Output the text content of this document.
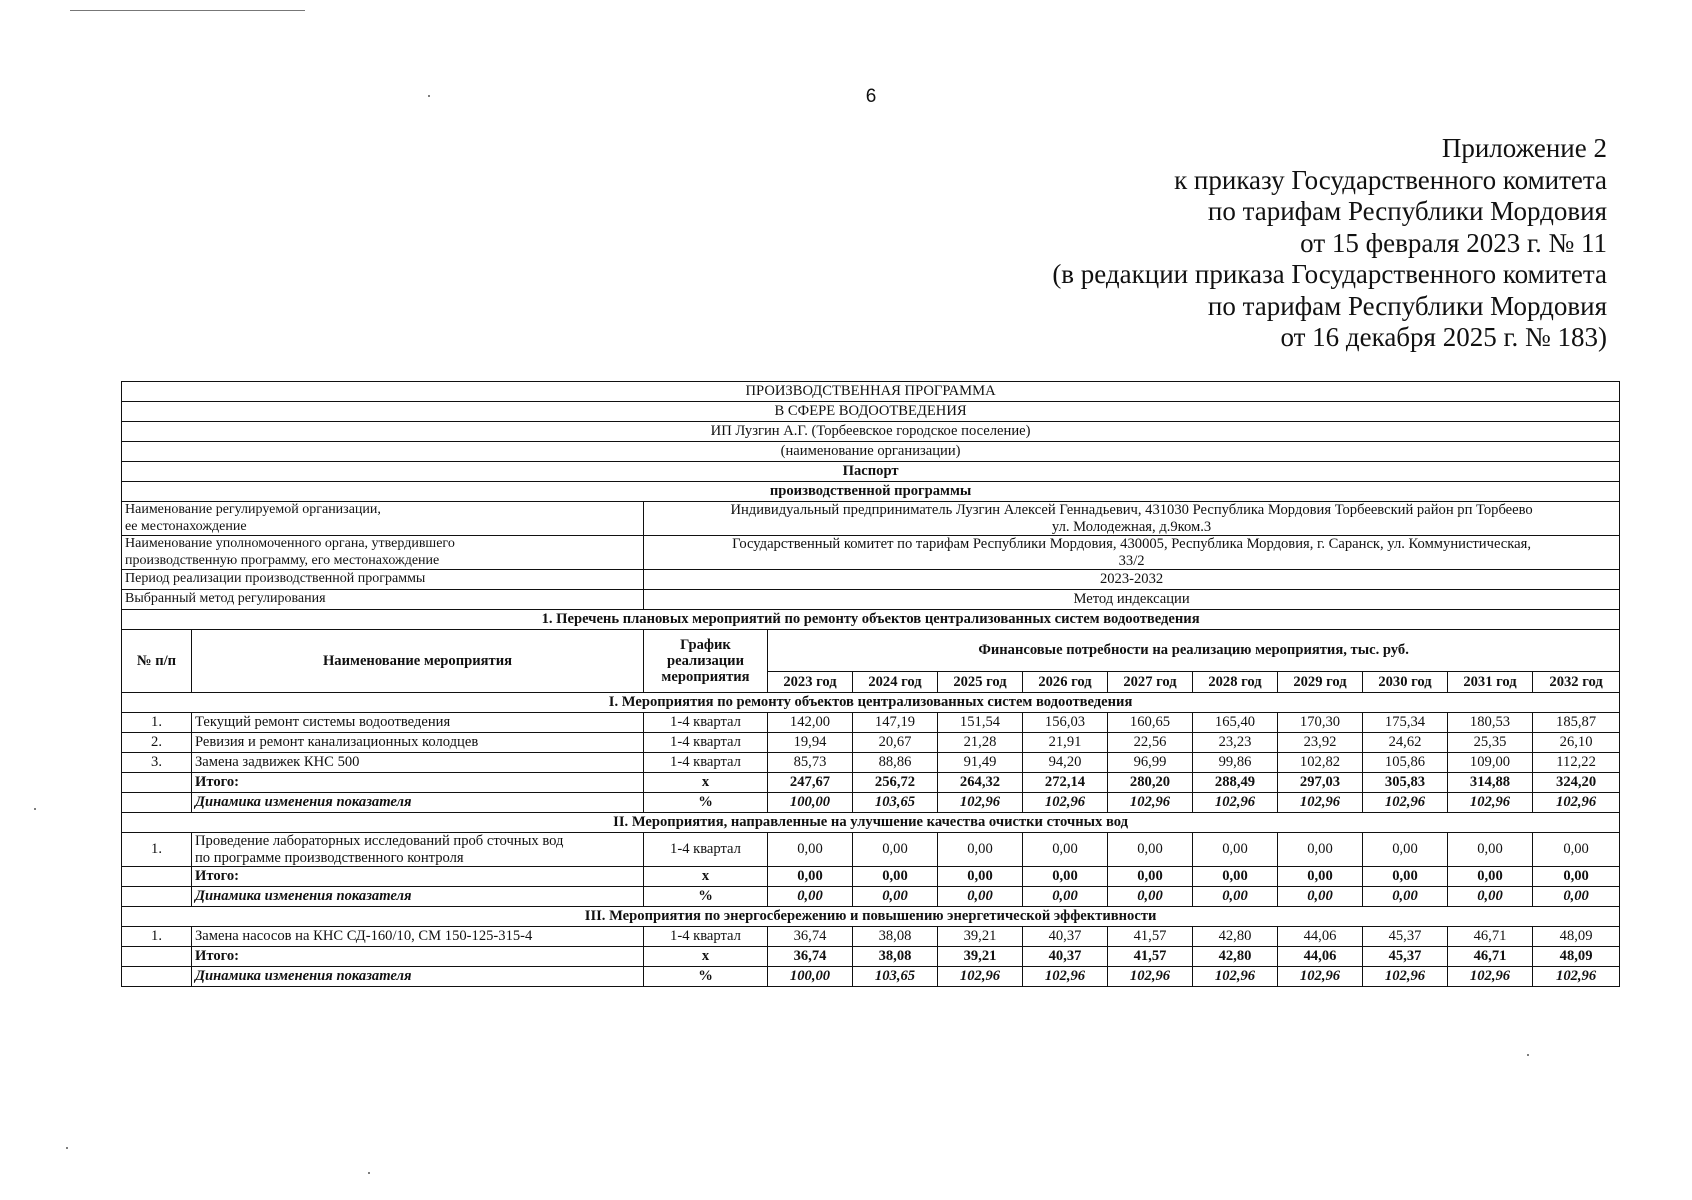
6
Приложение 2
к приказу Государственного комитета
по тарифам Республики Мордовия
от 15 февраля 2023 г. № 11
(в редакции приказа Государственного комитета
по тарифам Республики Мордовия
от 16 декабря 2025 г. № 183)
ПРОИЗВОДСТВЕННАЯ ПРОГРАММА												
В СФЕРЕ ВОДООТВЕДЕНИЯ												
ИП Лузгин А.Г. (Торбеевское городское поселение)												
(наименование организации)												
Паспорт												
производственной программы												
Наименование регулируемой организации,
ее местонахождение		Индивидуальный предприниматель Лузгин Алексей Геннадьевич, 431030 Республика Мордовия Торбеевский район рп Торбеево
ул. Молодежная, д.9ком.3										
Наименование уполномоченного органа, утвердившего
производственную программу, его местонахождение		Государственный комитет по тарифам Республики Мордовия, 430005, Республика Мордовия, г. Саранск, ул. Коммунистическая,
33/2										
Период реализации производственной программы		2023-2032										
Выбранный метод регулирования		Метод индексации										
1. Перечень плановых мероприятий по ремонту объектов централизованных систем водоотведения												
№ п/п	Наименование мероприятия	График реализации мероприятия	Финансовые потребности на реализацию мероприятия, тыс. руб.									
			2023 год	2024 год	2025 год	2026 год	2027 год	2028 год	2029 год	2030 год	2031 год	2032 год
I. Мероприятия по ремонту объектов централизованных систем водоотведения												
1.	Текущий ремонт системы водоотведения	1-4 квартал	142,00	147,19	151,54	156,03	160,65	165,40	170,30	175,34	180,53	185,87
2.	Ревизия и ремонт канализационных колодцев	1-4 квартал	19,94	20,67	21,28	21,91	22,56	23,23	23,92	24,62	25,35	26,10
3.	Замена задвижек КНС 500	1-4 квартал	85,73	88,86	91,49	94,20	96,99	99,86	102,82	105,86	109,00	112,22
	Итого:	х	247,67	256,72	264,32	272,14	280,20	288,49	297,03	305,83	314,88	324,20
	Динамика изменения показателя	%	100,00	103,65	102,96	102,96	102,96	102,96	102,96	102,96	102,96	102,96
II. Мероприятия, направленные на улучшение качества очистки сточных вод												
1.	Проведение лабораторных исследований проб сточных вод
по программе производственного контроля	1-4 квартал	0,00	0,00	0,00	0,00	0,00	0,00	0,00	0,00	0,00	0,00
	Итого:	х	0,00	0,00	0,00	0,00	0,00	0,00	0,00	0,00	0,00	0,00
	Динамика изменения показателя	%	0,00	0,00	0,00	0,00	0,00	0,00	0,00	0,00	0,00	0,00
III. Мероприятия по энергосбережению и повышению энергетической эффективности												
1.	Замена насосов на КНС СД-160/10, СМ 150-125-315-4	1-4 квартал	36,74	38,08	39,21	40,37	41,57	42,80	44,06	45,37	46,71	48,09
	Итого:	х	36,74	38,08	39,21	40,37	41,57	42,80	44,06	45,37	46,71	48,09
	Динамика изменения показателя	%	100,00	103,65	102,96	102,96	102,96	102,96	102,96	102,96	102,96	102,96
